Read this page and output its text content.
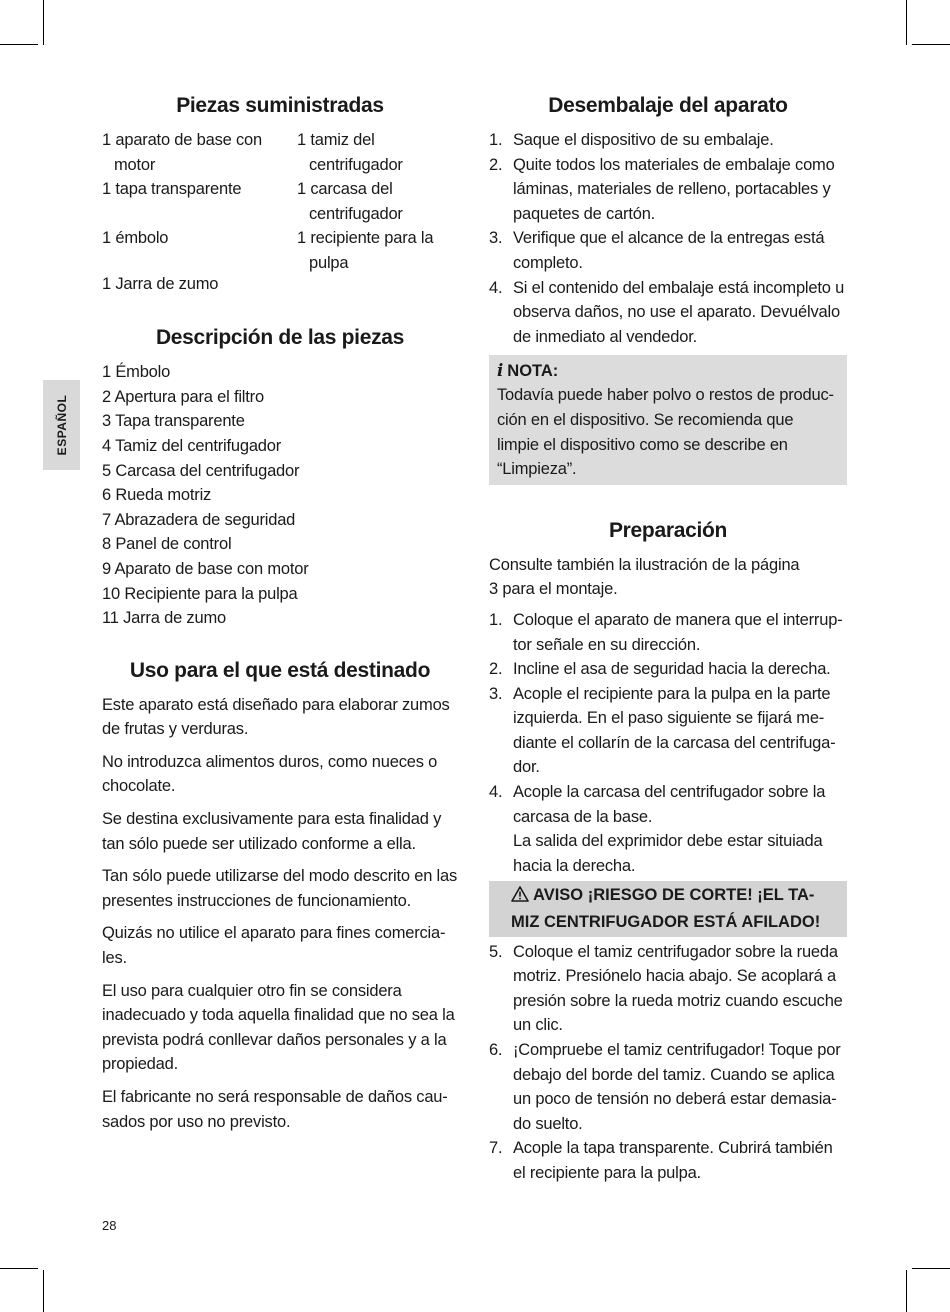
ESPAÑOL
Piezas suministradas
1 aparato de base con motor
1 tamiz del centrifugador
1 tapa transparente	1 carcasa del centrifugador
1 émbolo	1 recipiente para la pulpa
1 Jarra de zumo
Descripción de las piezas
1 Émbolo
2 Apertura para el filtro
3 Tapa transparente
4 Tamiz del centrifugador
5 Carcasa del centrifugador
6 Rueda motriz
7 Abrazadera de seguridad
8 Panel de control
9 Aparato de base con motor
10 Recipiente para la pulpa
11 Jarra de zumo
Uso para el que está destinado

Este aparato está diseñado para elaborar zumos de frutas y verduras.

No introduzca alimentos duros, como nueces o chocolate.

Se destina exclusivamente para esta finalidad y tan sólo puede ser utilizado conforme a ella.

Tan sólo puede utilizarse del modo descrito en las presentes instrucciones de funcionamiento.

Quizás no utilice el aparato para fines comercia-les.

El uso para cualquier otro fin se considera inadecuado y toda aquella finalidad que no sea la prevista podrá conllevar daños personales y a la propiedad.

El fabricante no será responsable de daños cau-sados por uso no previsto.

Desembalaje del aparato
1. Saque el dispositivo de su embalaje.
2. Quite todos los materiales de embalaje como láminas, materiales de relleno, portacables y paquetes de cartón.
3. Verifique que el alcance de la entregas está completo.
4. Si el contenido del embalaje está incompleto u observa daños, no use el aparato. Devuélvalo de inmediato al vendedor.
i NOTA:

Todavía puede haber polvo o restos de produc-ción en el dispositivo. Se recomienda que limpie el dispositivo como se describe en “Limpieza”.

Preparación

Consulte también la ilustración de la página
3 para el montaje.

1. Coloque el aparato de manera que el interrup-tor señale en su dirección.
2. Incline el asa de seguridad hacia la derecha.
3. Acople el recipiente para la pulpa en la parte izquierda. En el paso siguiente se fijará me-diante el collarín de la carcasa del centrifuga-dor.
4. Acople la carcasa del centrifugador sobre la carcasa de la base.
La salida del exprimidor debe estar situiada hacia la derecha.
AVISO ¡RIESGO DE CORTE! ¡EL TA-MIZ CENTRIFUGADOR ESTÁ AFILADO!
5. Coloque el tamiz centrifugador sobre la rueda motriz. Presiónelo hacia abajo. Se acoplará a presión sobre la rueda motriz cuando escuche un clic.
6. ¡Compruebe el tamiz centrifugador! Toque por debajo del borde del tamiz. Cuando se aplica un poco de tensión no deberá estar demasia-do suelto.
7. Acople la tapa transparente. Cubrirá también el recipiente para la pulpa.
28
